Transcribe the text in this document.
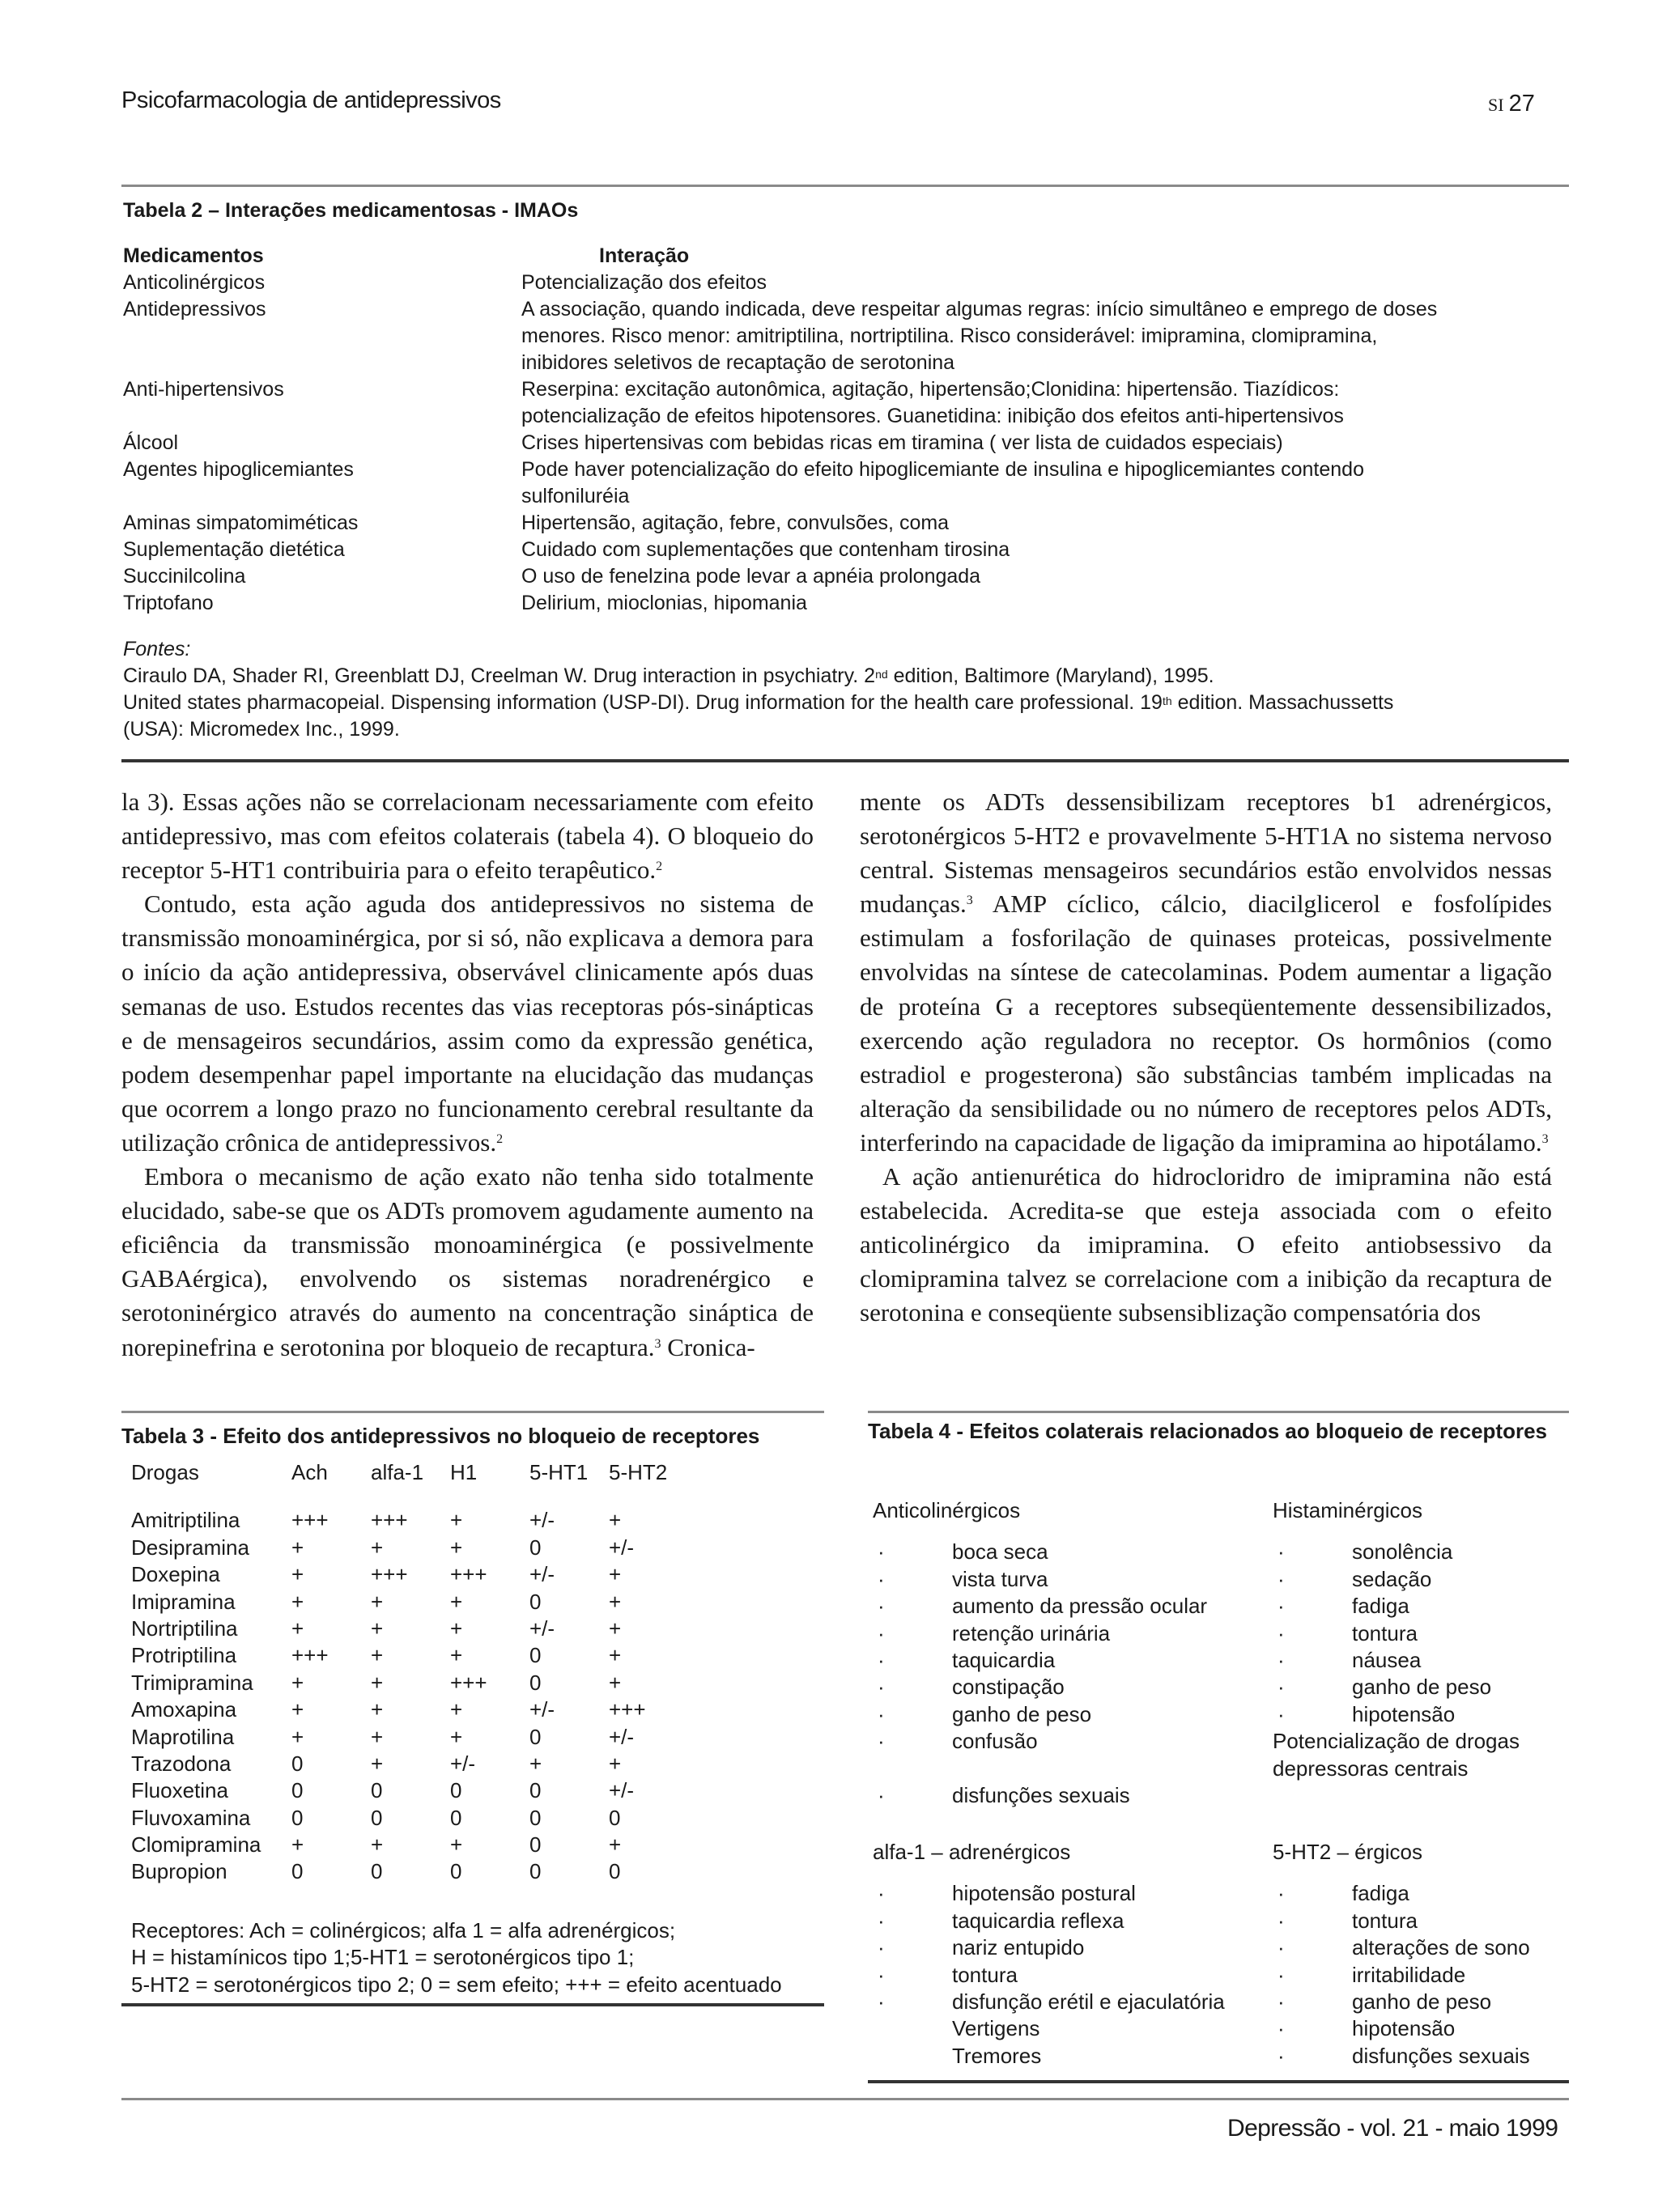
Psicofarmacologia de antidepressivos	SI 27
Tabela 2 – Interações medicamentosas - IMAOs
Medicamentos	Interação
Anticolinérgicos	Potencialização dos efeitos
Antidepressivos	A associação, quando indicada, deve respeitar algumas regras: início simultâneo e emprego de doses
menores. Risco menor: amitriptilina, nortriptilina. Risco considerável: imipramina, clomipramina,
inibidores seletivos de recaptação de serotonina
Anti-hipertensivos	Reserpina: excitação autonômica, agitação, hipertensão;Clonidina: hipertensão. Tiazídicos:
potencialização de efeitos hipotensores. Guanetidina: inibição dos efeitos anti-hipertensivos
Álcool	Crises hipertensivas com bebidas ricas em tiramina ( ver lista de cuidados especiais)
Agentes hipoglicemiantes	Pode haver potencialização do efeito hipoglicemiante de insulina e hipoglicemiantes contendo
sulfoniluréia
Aminas simpatomiméticas	Hipertensão, agitação, febre, convulsões, coma
Suplementação dietética	Cuidado com suplementações que contenham tirosina
Succinilcolina	O uso de fenelzina pode levar a apnéia prolongada
Triptofano	Delirium, mioclonias, hipomania
Fontes:
Ciraulo DA, Shader RI, Greenblatt DJ, Creelman W. Drug interaction in psychiatry. 2nd edition, Baltimore (Maryland), 1995.
United states pharmacopeial. Dispensing information (USP-DI). Drug information for the health care professional. 19th edition. Massachussetts
(USA): Micromedex Inc., 1999.

la 3). Essas ações não se correlacionam necessariamente com efeito antidepressivo, mas com efeitos colaterais (tabela 4). O bloqueio do receptor 5-HT1 contribuiria para o efeito terapêutico.$^2$

Contudo, esta ação aguda dos antidepressivos no sistema de transmissão monoaminérgica, por si só, não explicava a demora para o início da ação antidepressiva, observável clinicamente após duas semanas de uso. Estudos recentes das vias receptoras pós-sinápticas e de mensageiros secundários, assim como da expressão genética, podem desempenhar papel importante na elucidação das mudanças que ocorrem a longo prazo no funcionamento cerebral resultante da utilização crônica de antidepressivos.$^2$

Embora o mecanismo de ação exato não tenha sido totalmente elucidado, sabe-se que os ADTs promovem agudamente aumento na eficiência da transmissão monoaminérgica (e possivelmente GABAérgica), envolvendo os sistemas noradrenérgico e serotoninérgico através do aumento na concentração sináptica de norepinefrina e serotonina por bloqueio de recaptura.$^3$ Cronica-

mente os ADTs dessensibilizam receptores b1 adrenérgicos, serotonérgicos 5-HT2 e provavelmente 5-HT1A no sistema nervoso central. Sistemas mensageiros secundários estão envolvidos nessas mudanças.$^3$ AMP cíclico, cálcio, diacilglicerol e fosfolípides estimulam a fosforilação de quinases proteicas, possivelmente envolvidas na síntese de catecolaminas. Podem aumentar a ligação de proteína G a receptores subseqüentemente dessensibilizados, exercendo ação reguladora no receptor. Os hormônios (como estradiol e progesterona) são substâncias também implicadas na alteração da sensibilidade ou no número de receptores pelos ADTs, interferindo na capacidade de ligação da imipramina ao hipotálamo.$^3$

A ação antienurética do hidrocloridro de imipramina não está estabelecida. Acredita-se que esteja associada com o efeito anticolinérgico da imipramina. O efeito antiobsessivo da clomipramina talvez se correlacione com a inibição da recaptura de serotonina e conseqüente subsensiblização compensatória dos

Tabela 3 - Efeito dos antidepressivos no bloqueio de receptores
Drogas	Ach	alfa-1	H1	5-HT1 5-HT2
Amitriptilina	+++	+++	+	+/-	+
Desipramina	+	+	+	0	+/-
Doxepina	+	+++	+++	+/-	+
Imipramina	+	+	+	0	+
Nortriptilina	+	+	+	+/-	+
Protriptilina	+++	+	+	0	+
Trimipramina	+	+	+++	0	+
Amoxapina	+	+	+	+/-	+++
Maprotilina	+	+	+	0	+/-
Trazodona	0	+	+/-	+	+
Fluoxetina	0	0	0	0	+/-
Fluvoxamina	0	0	0	0	0
Clomipramina	+	+	+	0	+
Bupropion	0	0	0	0	0
Receptores: Ach = colinérgicos; alfa 1 = alfa adrenérgicos;
H = histamínicos tipo 1;5-HT1 = serotonérgicos tipo 1;
5-HT2 = serotonérgicos tipo 2; 0 = sem efeito; +++ = efeito acentuado
Tabela 4 - Efeitos colaterais relacionados ao bloqueio de receptores
Anticolinérgicos
·	boca seca
·	vista turva
·	aumento da pressão ocular
·	retenção urinária
·	taquicardia
·	constipação
·	ganho de peso
·	confusão
·	disfunções sexuais
Histaminérgicos
·	sonolência
·	sedação
·	fadiga
·	tontura
·	náusea
·	ganho de peso
·	hipotensão
Potencialização de drogas
depressoras centrais
alfa-1 – adrenérgicos
·	hipotensão postural
·	taquicardia reflexa
·	nariz entupido
·	tontura
·	disfunção erétil e ejaculatória
Vertigens
Tremores
5-HT2 – érgicos
·	fadiga
·	tontura
·	alterações de sono
·	irritabilidade
·	ganho de peso
·	hipotensão
·	disfunções sexuais
Depressão - vol. 21 - maio 1999
